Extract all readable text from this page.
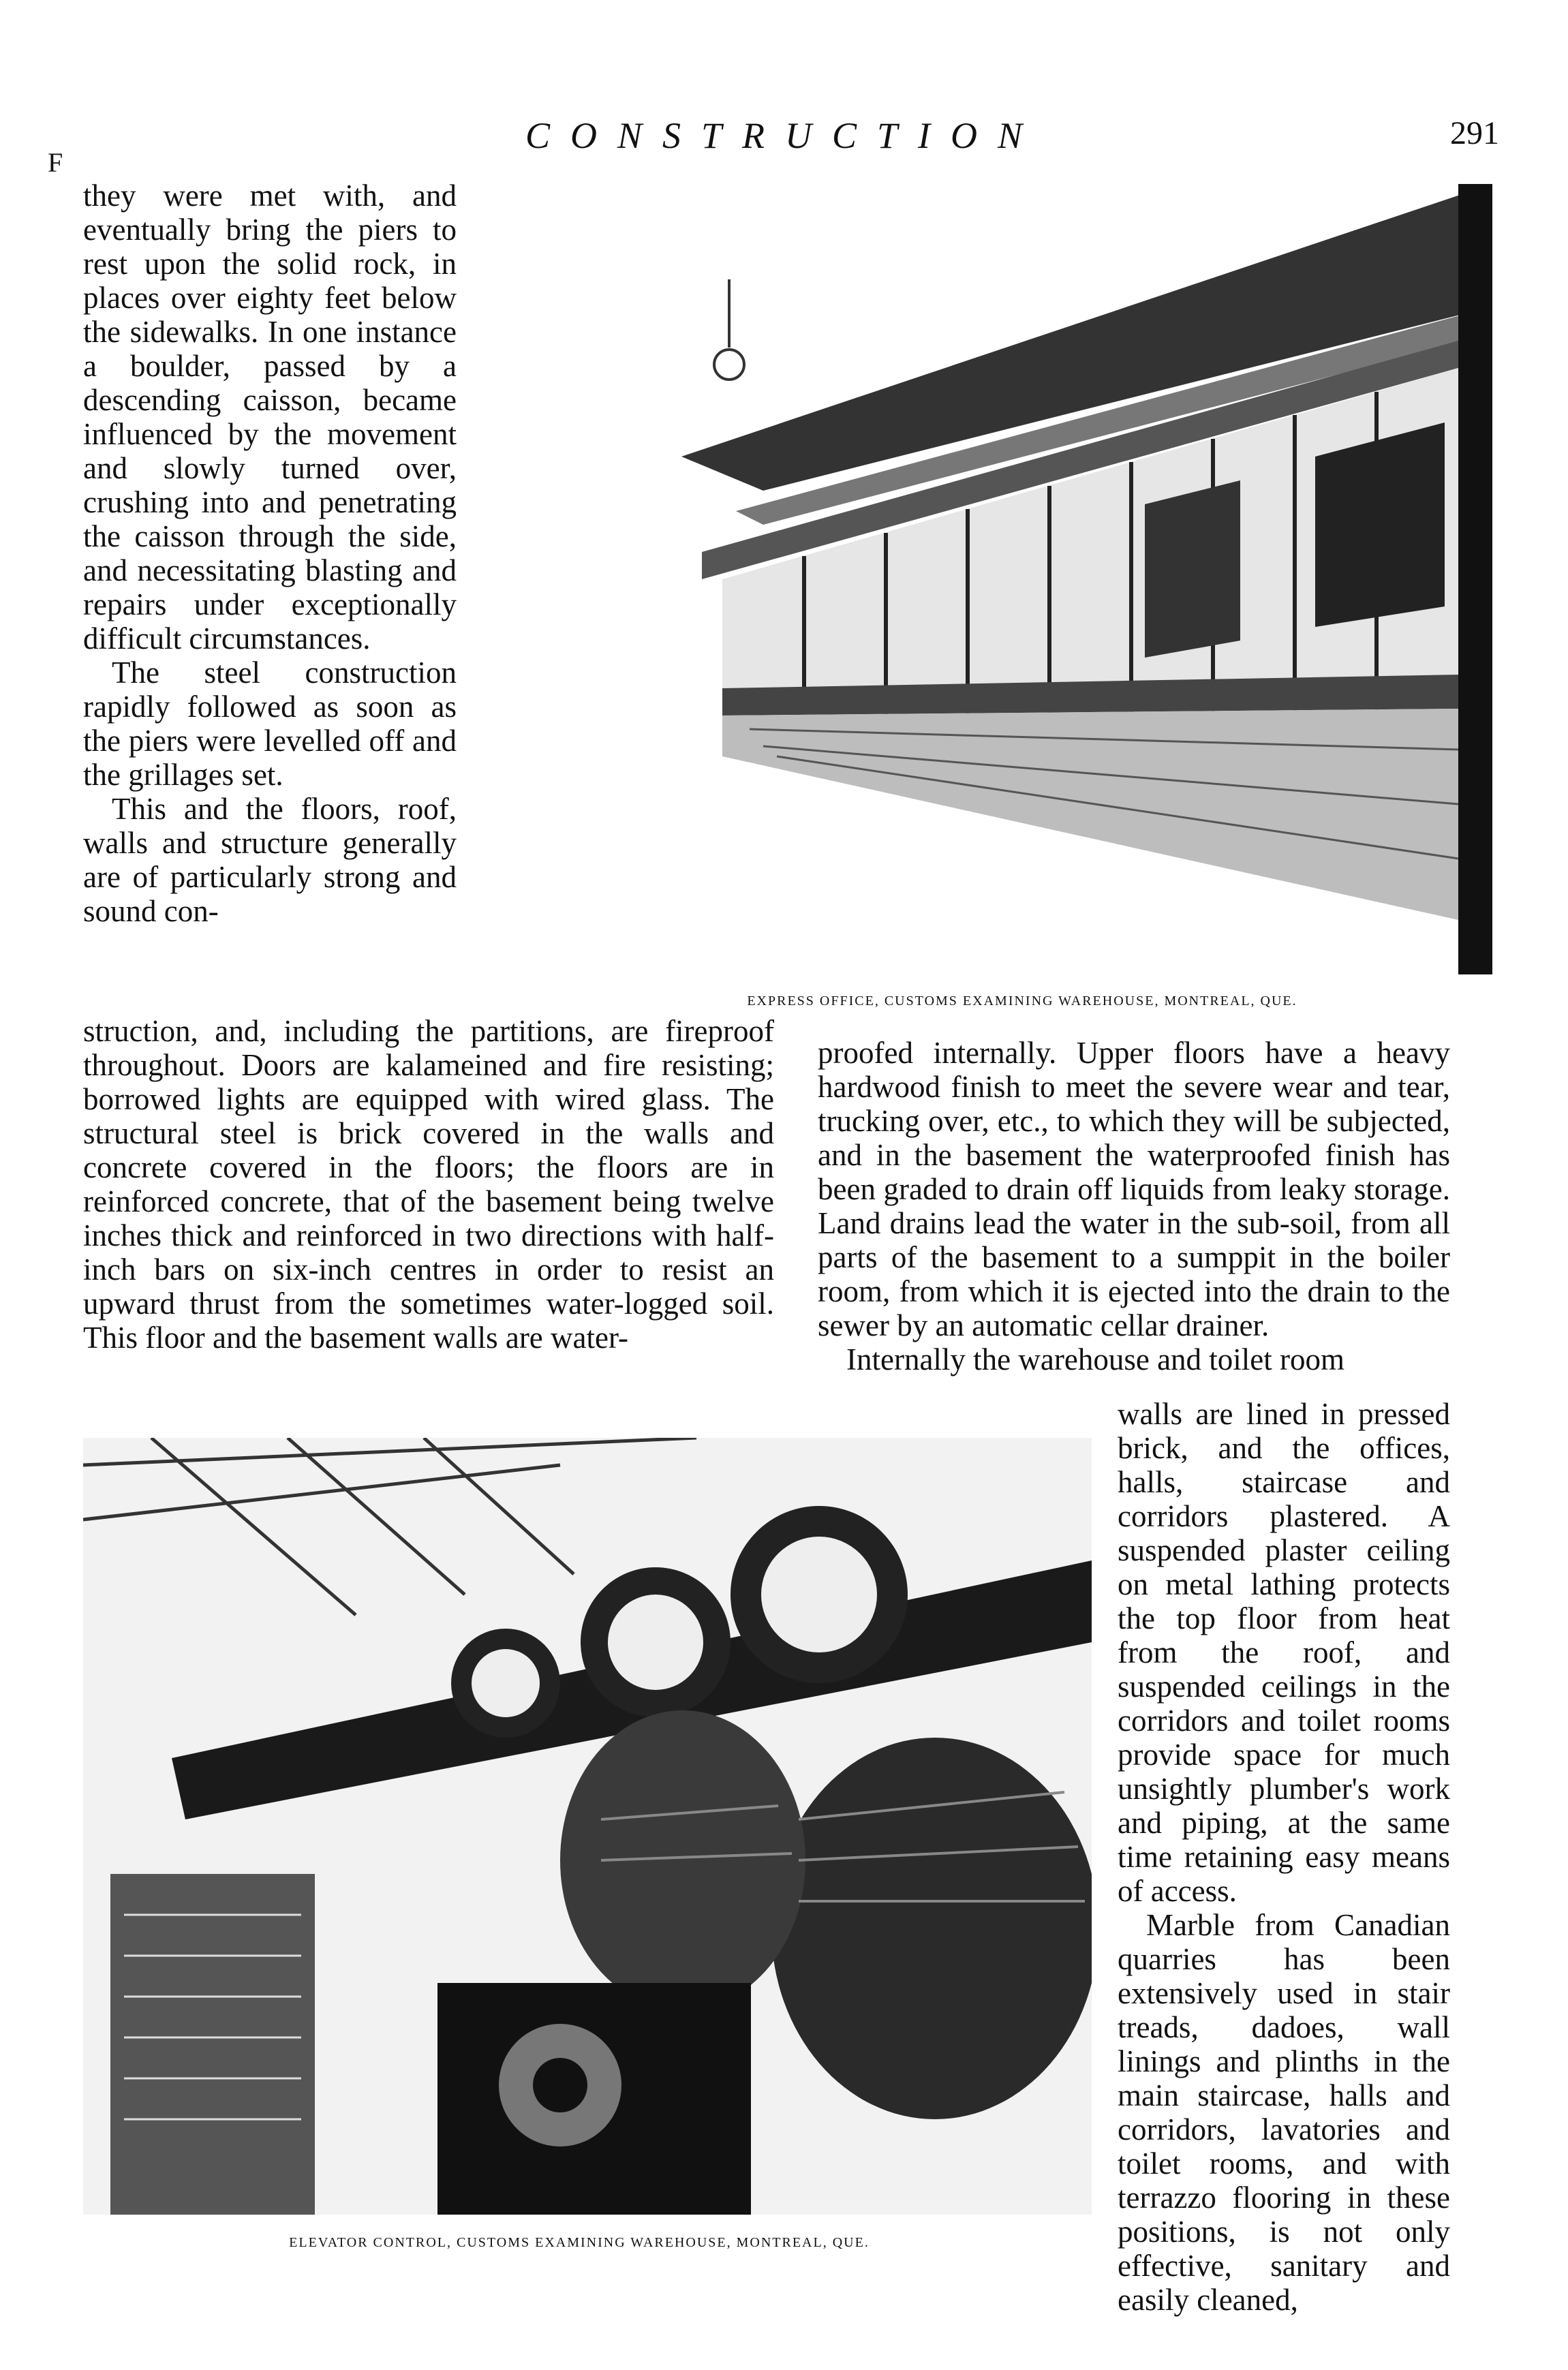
CONSTRUCTION	291
F

they were met with, and eventually bring the piers to rest upon the solid rock, in places over eighty feet below the sidewalks. In one instance a boulder, passed by a descending caisson, became influenced by the movement and slowly turned over, crushing into and penetrating the caisson through the side, and necessitating blasting and repairs under exceptionally difficult circumstances.

The steel construction rapidly followed as soon as the piers were levelled off and the grillages set.

This and the floors, roof, walls and structure generally are of particularly strong and sound con-

struction, and, including the partitions, are fireproof throughout. Doors are kalameined and fire resisting; borrowed lights are equipped with wired glass. The structural steel is brick covered in the walls and concrete covered in the floors; the floors are in reinforced concrete, that of the basement being twelve inches thick and reinforced in two directions with half-inch bars on six-inch centres in order to resist an upward thrust from the sometimes water-logged soil. This floor and the basement walls are water-

proofed internally. Upper floors have a heavy hardwood finish to meet the severe wear and tear, trucking over, etc., to which they will be subjected, and in the basement the waterproofed finish has been graded to drain off liquids from leaky storage. Land drains lead the water in the sub-soil, from all parts of the basement to a sumppit in the boiler room, from which it is ejected into the drain to the sewer by an automatic cellar drainer.

Internally the warehouse and toilet room

walls are lined in pressed brick, and the offices, halls, staircase and corridors plastered. A suspended plaster ceiling on metal lathing protects the top floor from heat from the roof, and suspended ceilings in the corridors and toilet rooms provide space for much unsightly plumber's work and piping, at the same time retaining easy means of access.

Marble from Canadian quarries has been extensively used in stair treads, dadoes, wall linings and plinths in the main staircase, halls and corridors, lavatories and toilet rooms, and with terrazzo flooring in these positions, is not only effective, sanitary and easily cleaned,

EXPRESS OFFICE, CUSTOMS EXAMINING WAREHOUSE, MONTREAL, QUE.
ELEVATOR CONTROL, CUSTOMS EXAMINING WAREHOUSE, MONTREAL, QUE.
